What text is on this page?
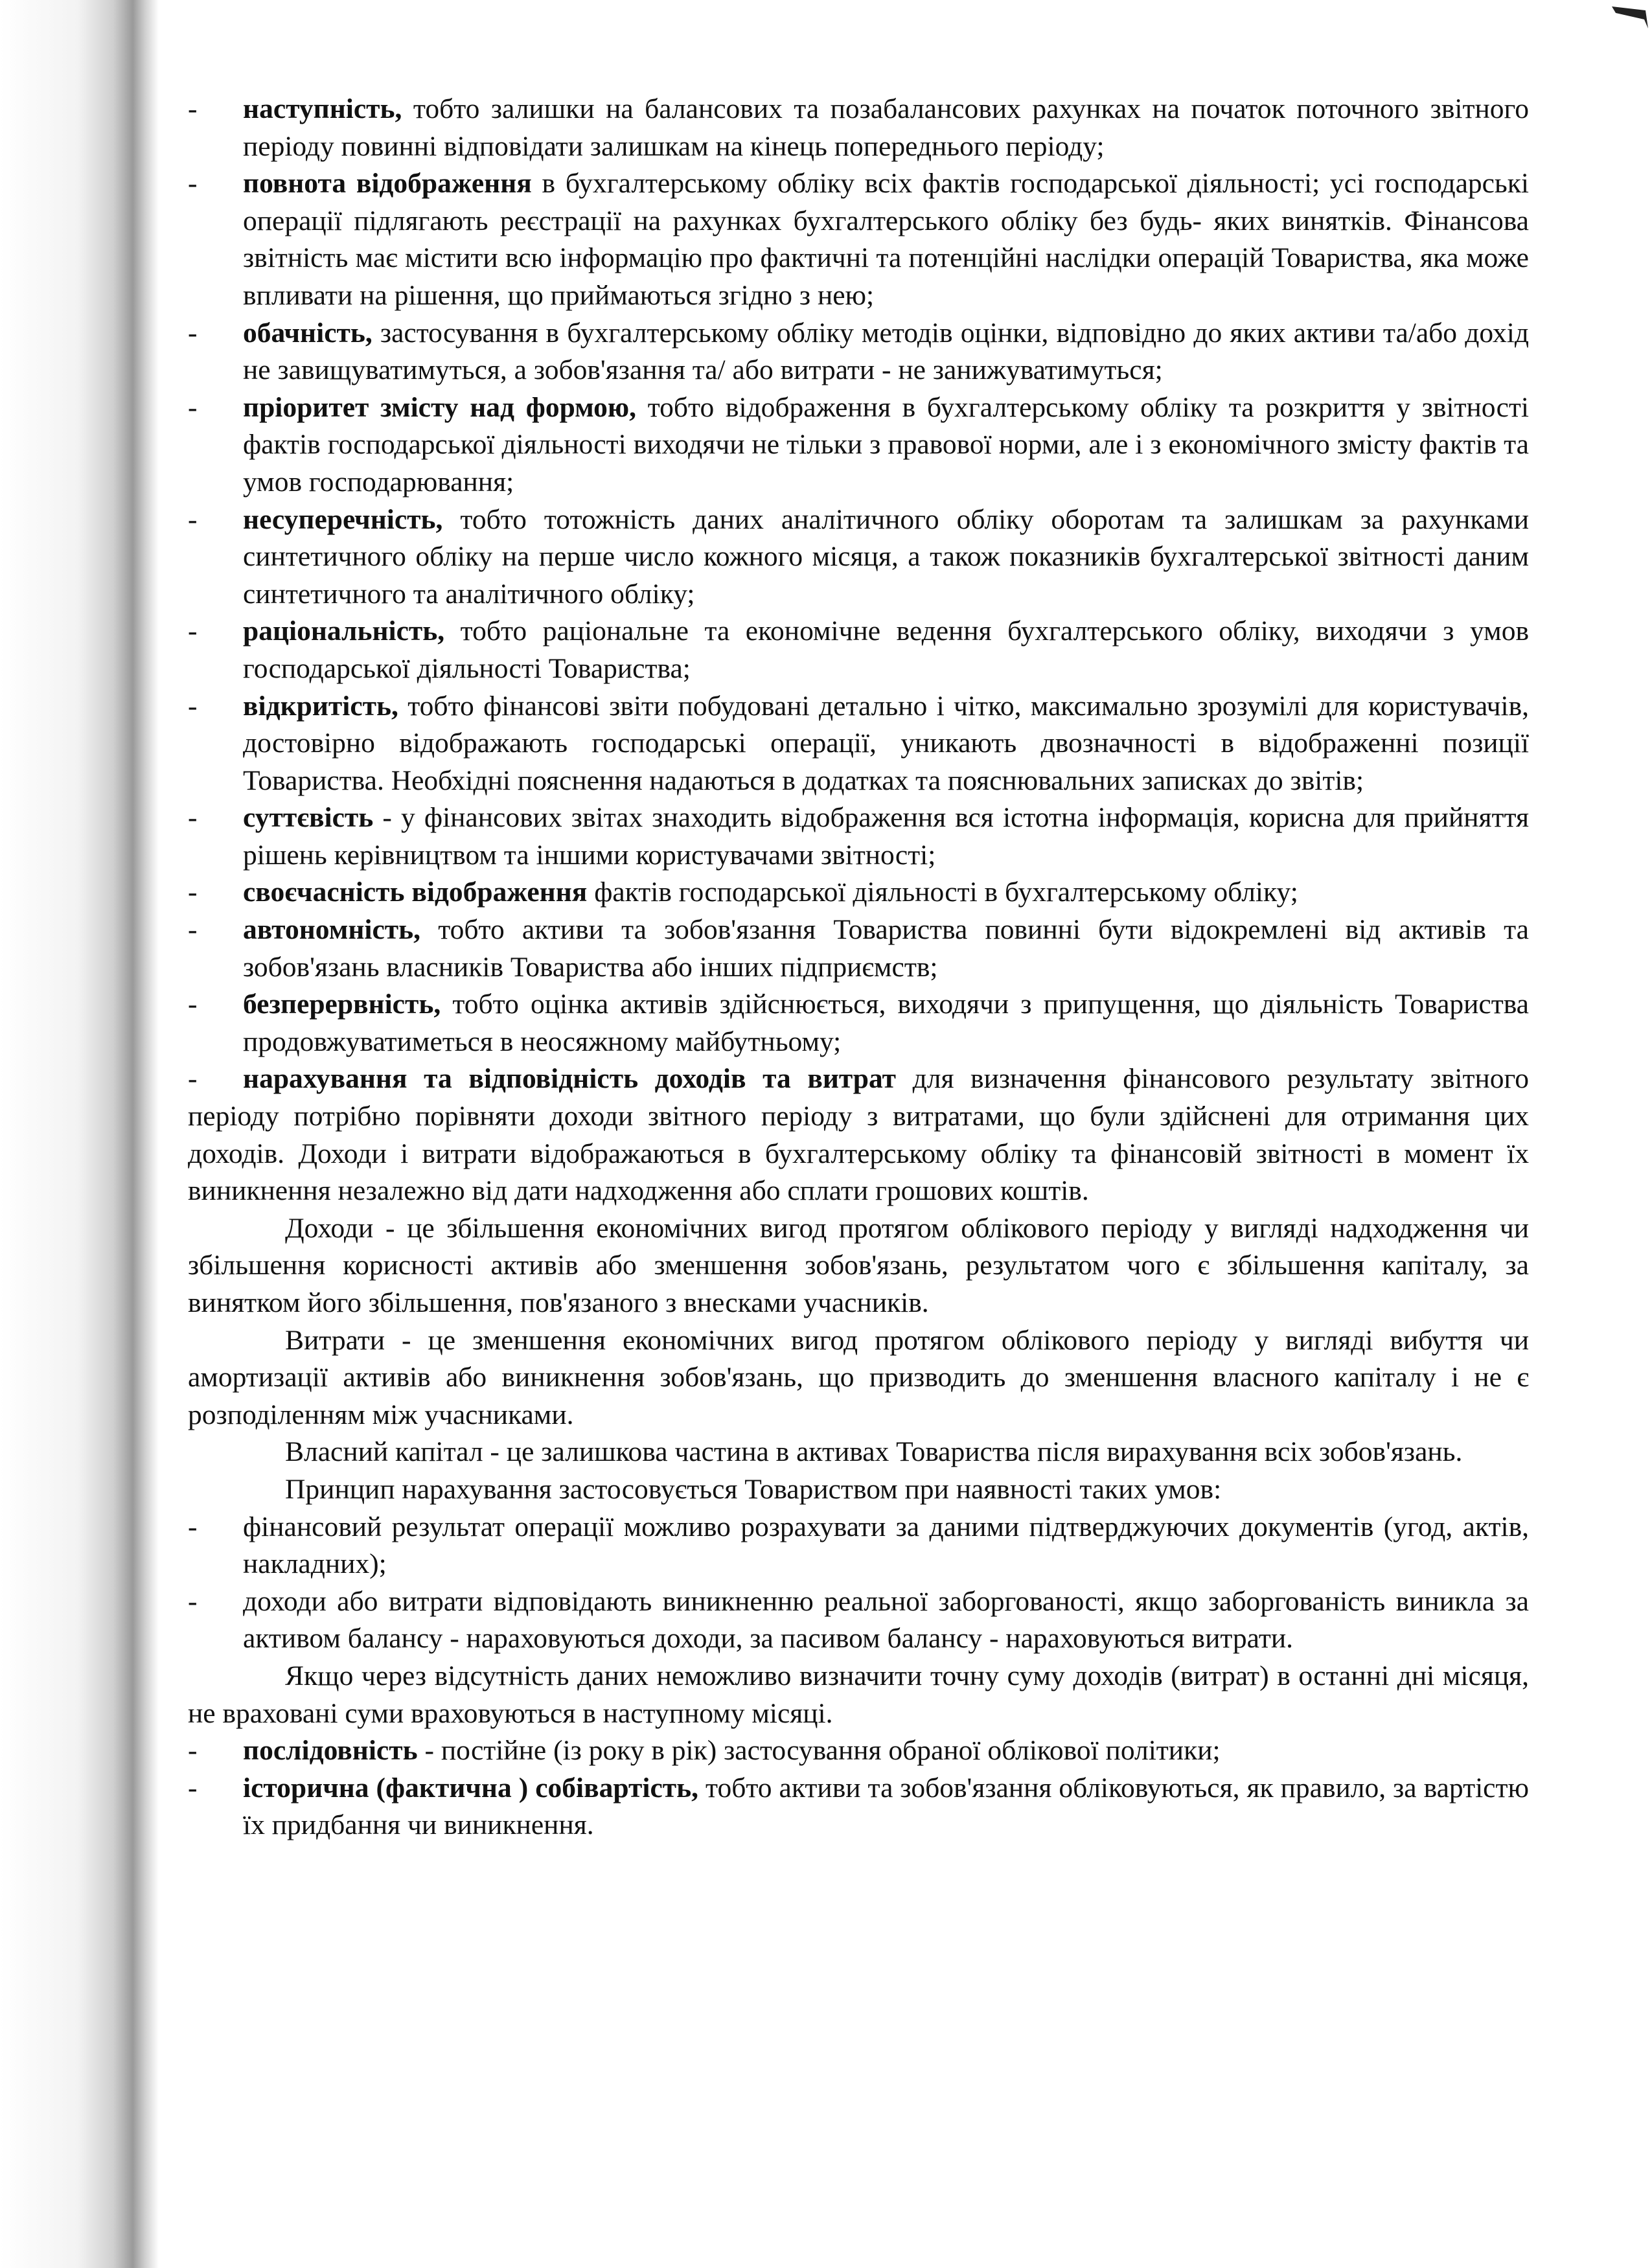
- наступність, тобто залишки на балансових та позабалансових рахунках на початок поточного звітного періоду повинні відповідати залишкам на кінець попереднього періоду;

- повнота відображення в бухгалтерському обліку всіх фактів господарської діяльності; усі господарські операції підлягають реєстрації на рахунках бухгалтерського обліку без будь- яких винятків. Фінансова звітність має містити всю інформацію про фактичні та потенційні наслідки операцій Товариства, яка може впливати на рішення, що приймаються згідно з нею;

- обачність, застосування в бухгалтерському обліку методів оцінки, відповідно до яких активи та/або дохід не завищуватимуться, а зобов'язання та/ або витрати - не занижуватимуться;

- пріоритет змісту над формою, тобто відображення в бухгалтерському обліку та розкриття у звітності фактів господарської діяльності виходячи не тільки з правової норми, але і з економічного змісту фактів та умов господарювання;

- несуперечність, тобто тотожність даних аналітичного обліку оборотам та залишкам за рахунками синтетичного обліку на перше число кожного місяця, а також показників бухгалтерської звітності даним синтетичного та аналітичного обліку;

- раціональність, тобто раціональне та економічне ведення бухгалтерського обліку, виходячи з умов господарської діяльності Товариства;

- відкритість, тобто фінансові звіти побудовані детально і чітко, максимально зрозумілі для користувачів, достовірно відображають господарські операції, уникають двозначності в відображенні позиції Товариства. Необхідні пояснення надаються в додатках та пояснювальних записках до звітів;

- суттєвість - у фінансових звітах знаходить відображення вся істотна інформація, корисна для прийняття рішень керівництвом та іншими користувачами звітності;

- своєчасність відображення фактів господарської діяльності в бухгалтерському обліку;

- автономність, тобто активи та зобов'язання Товариства повинні бути відокремлені від активів та зобов'язань власників Товариства або інших підприємств;

- безперервність, тобто оцінка активів здійснюється, виходячи з припущення, що діяльність Товариства продовжуватиметься в неосяжному майбутньому;

- нарахування та відповідність доходів та витрат для визначення фінансового результату звітного періоду потрібно порівняти доходи звітного періоду з витратами, що були здійснені для отримання цих доходів. Доходи і витрати відображаються в бухгалтерському обліку та фінансовій звітності в момент їх виникнення незалежно від дати надходження або сплати грошових коштів.

Доходи - це збільшення економічних вигод протягом облікового періоду у вигляді надходження чи збільшення корисності активів або зменшення зобов'язань, результатом чого є збільшення капіталу, за винятком його збільшення, пов'язаного з внесками учасників.

Витрати - це зменшення економічних вигод протягом облікового періоду у вигляді вибуття чи амортизації активів або виникнення зобов'язань, що призводить до зменшення власного капіталу і не є розподіленням між учасниками.

Власний капітал - це залишкова частина в активах Товариства після вирахування всіх зобов'язань.

Принцип нарахування застосовується Товариством при наявності таких умов:

- фінансовий результат операції можливо розрахувати за даними підтверджуючих документів (угод, актів, накладних);

- доходи або витрати відповідають виникненню реальної заборгованості, якщо заборгованість виникла за активом балансу - нараховуються доходи, за пасивом балансу - нараховуються витрати.

Якщо через відсутність даних неможливо визначити точну суму доходів (витрат) в останні дні місяця, не враховані суми враховуються в наступному місяці.

- послідовність - постійне (із року в рік) застосування обраної облікової політики;

- історична (фактична ) собівартість, тобто активи та зобов'язання обліковуються, як правило, за вартістю їх придбання чи виникнення.
